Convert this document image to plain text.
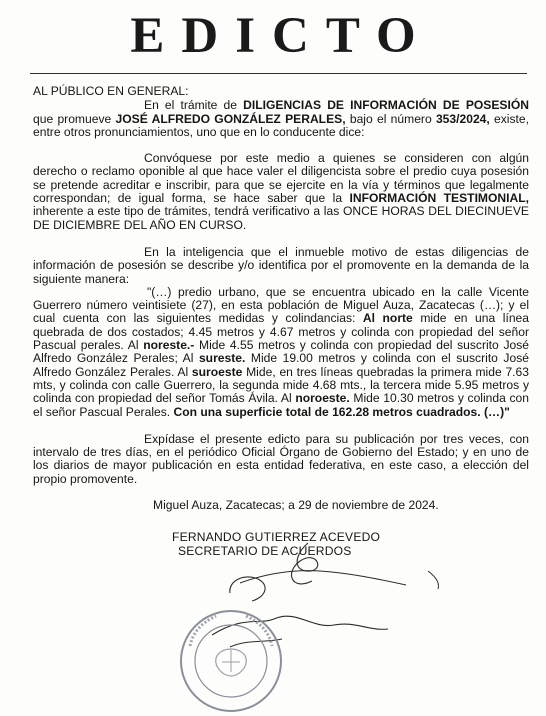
EDICTO

AL PÚBLICO EN GENERAL:

En el trámite de DILIGENCIAS DE INFORMACIÓN DE POSESIÓN que promueve JOSÉ ALFREDO GONZÁLEZ PERALES, bajo el número 353/2024, existe, entre otros pronunciamientos, uno que en lo conducente dice:

Convóquese por este medio a quienes se consideren con algún derecho o reclamo oponible al que hace valer el diligencista sobre el predio cuya posesión se pretende acreditar e inscribir, para que se ejercite en la vía y términos que legalmente correspondan; de igual forma, se hace saber que la INFORMACIÓN TESTIMONIAL, inherente a este tipo de trámites, tendrá verificativo a las ONCE HORAS DEL DIECINUEVE DE DICIEMBRE DEL AÑO EN CURSO.

En la inteligencia que el inmueble motivo de estas diligencias de información de posesión se describe y/o identifica por el promovente en la demanda de la siguiente manera:

"(…) predio urbano, que se encuentra ubicado en la calle Vicente Guerrero número veintisiete (27), en esta población de Miguel Auza, Zacatecas (…); y el cual cuenta con las siguientes medidas y colindancias: Al norte mide en una línea quebrada de dos costados; 4.45 metros y 4.67 metros y colinda con propiedad del señor Pascual perales. Al noreste.- Mide 4.55 metros y colinda con propiedad del suscrito José Alfredo González Perales; Al sureste. Mide 19.00 metros y colinda con el suscrito José Alfredo González Perales. Al suroeste Mide, en tres líneas quebradas la primera mide 7.63 mts, y colinda con calle Guerrero, la segunda mide 4.68 mts., la tercera mide 5.95 metros y colinda con propiedad del señor Tomás Ávila. Al noroeste. Mide 10.30 metros y colinda con el señor Pascual Perales. Con una superficie total de 162.28 metros cuadrados. (…)"

Expídase el presente edicto para su publicación por tres veces, con intervalo de tres días, en el periódico Oficial Órgano de Gobierno del Estado; y en uno de los diarios de mayor publicación en esta entidad federativa, en este caso, a elección del propio promovente.

Miguel Auza, Zacatecas; a 29 de noviembre de 2024.

FERNANDO GUTIERREZ ACEVEDO

SECRETARIO DE ACUERDOS
